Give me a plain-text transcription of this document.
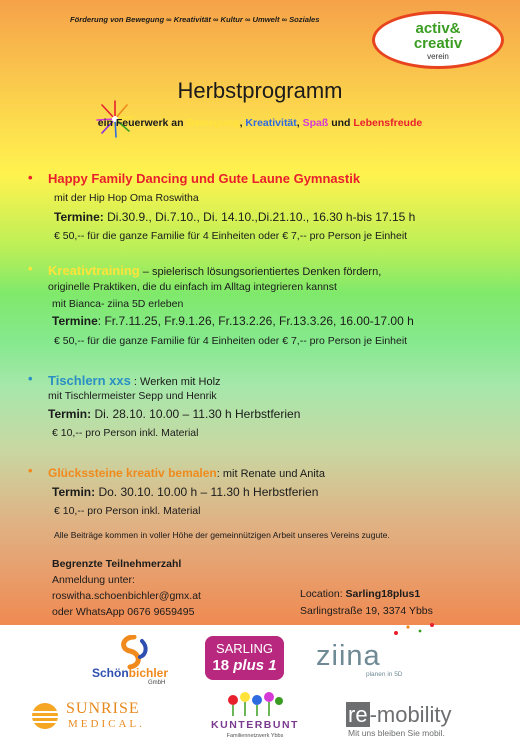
Förderung von Bewegung ∞ Kreativität ∞ Kultur ∞ Umwelt ∞ Soziales
activ&
creativ
verein
Herbstprogramm
ein Feuerwerk an Bewegung, Kreativität, Spaß und Lebensfreude
• Happy Family Dancing und Gute Laune Gymnastik
mit der Hip Hop Oma Roswitha
Termine: Di.30.9., Di.7.10., Di. 14.10.,Di.21.10., 16.30 h-bis 17.15 h
€ 50,-- für die ganze Familie für 4 Einheiten oder € 7,-- pro Person je Einheit
• Kreativtraining – spielerisch lösungsorientiertes Denken fördern,
originelle Praktiken, die du einfach im Alltag integrieren kannst
mit Bianca- ziina 5D erleben
Termine: Fr.7.11.25, Fr.9.1.26, Fr.13.2.26, Fr.13.3.26, 16.00-17.00 h
€ 50,-- für die ganze Familie für 4 Einheiten oder € 7,-- pro Person je Einheit
• Tischlern xxs : Werken mit Holz
mit Tischlermeister Sepp und Henrik
Termin: Di. 28.10. 10.00 – 11.30 h Herbstferien
€ 10,-- pro Person inkl. Material
• Glückssteine kreativ bemalen: mit Renate und Anita
Termin: Do. 30.10. 10.00 h – 11.30 h Herbstferien
€ 10,-- pro Person inkl. Material
Alle Beiträge kommen in voller Höhe der gemeinnützigen Arbeit unseres Vereins zugute.
Begrenzte Teilnehmerzahl
Anmeldung unter:
roswitha.schoenbichler@gmx.at
oder WhatsApp 0676 9659495
Location: Sarling18plus1
Sarlingstraße 19, 3374 Ybbs
Schönbichler
GmbH
SARLING
18 plus 1 ziina
planen in 5D
SUNRISE
MEDICAL.	KUNTERBUNT
Familiennetzwerk Ybbs
re-mobility
Mit uns bleiben Sie mobil.
